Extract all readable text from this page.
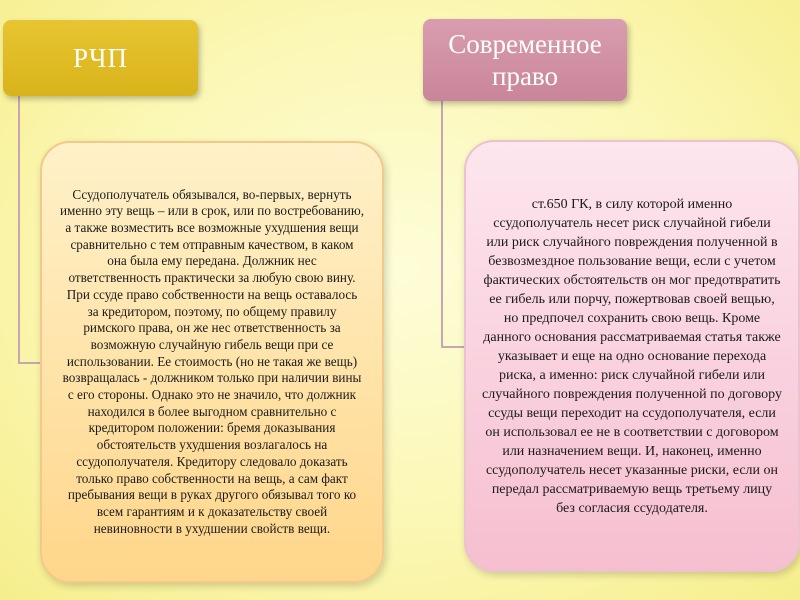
РЧП	Современное право

Ссудополучатель обязывался, во-первых, вернуть именно эту вещь – или в срок, или по востребованию, а также возместить все возможные ухудшения вещи сравнительно с тем отправным качеством, в каком она была ему передана. Должник нес ответственность практически за любую свою вину. При ссуде право собственности на вещь оставалось за кредитором, поэтому, по общему правилу римского права, он же нес ответственность за возможную случайную гибель вещи при се использовании. Ее стоимость (но не такая же вещь) возвращалась - должником только при наличии вины с его стороны. Однако это не значило, что должник находился в более выгодном сравнительно с кредитором положении: бремя доказывания обстоятельств ухудшения возлагалось на ссудополучателя. Кредитору следовало доказать только право собственности на вещь, а сам факт пребывания вещи в руках другого обязывал того ко всем гарантиям и к доказательству своей невиновности в ухудшении свойств вещи.

ст.650 ГК, в силу которой именно ссудополучатель несет риск случайной гибели или риск случайного повреждения полученной в безвозмездное пользование вещи, если с учетом фактических обстоятельств он мог предотвратить ее гибель или порчу, пожертвовав своей вещью, но предпочел сохранить свою вещь. Кроме данного основания рассматриваемая статья также указывает и еще на одно основание перехода риска, а именно: риск случайной гибели или случайного повреждения полученной по договору ссуды вещи переходит на ссудополучателя, если он использовал ее не в соответствии с договором или назначением вещи. И, наконец, именно ссудополучатель несет указанные риски, если он передал рассматриваемую вещь третьему лицу без согласия ссудодателя.
